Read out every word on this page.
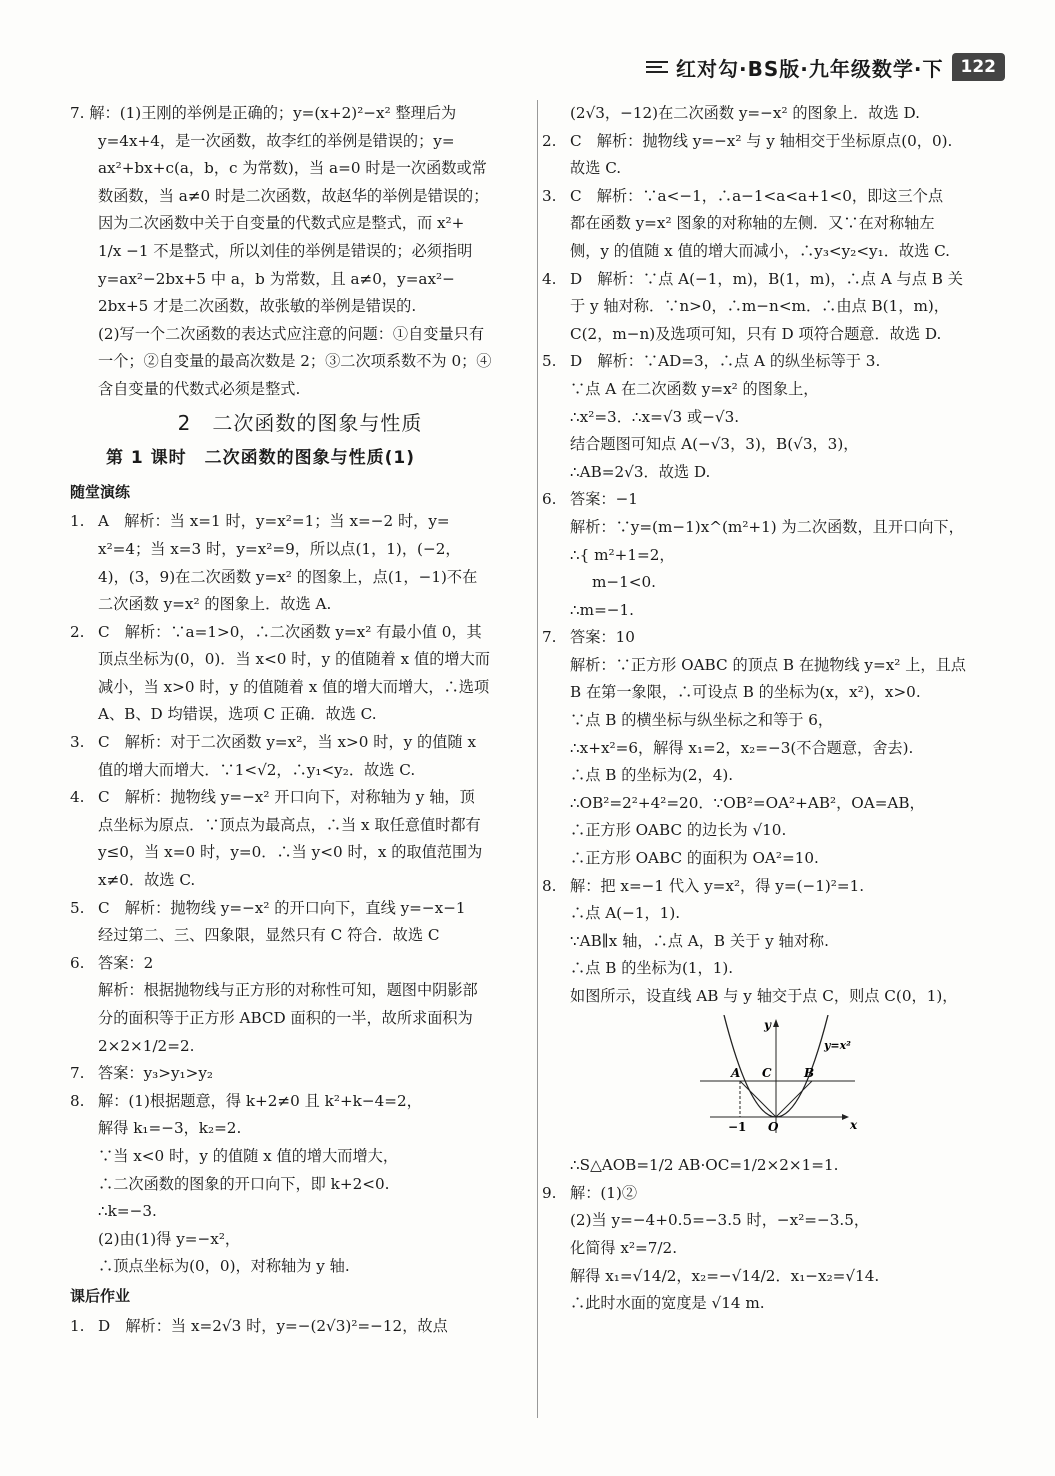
红对勾·BS版·九年级数学·下	122

7. 解：(1)王刚的举例是正确的；y=(x+2)²−x² 整理后为

y=4x+4，是一次函数，故李红的举例是错误的；y=

ax²+bx+c(a，b，c 为常数)，当 a=0 时是一次函数或常

数函数，当 a≠0 时是二次函数，故赵华的举例是错误的；

因为二次函数中关于自变量的代数式应是整式，而 x²+

1/x −1 不是整式，所以刘佳的举例是错误的；必须指明

y=ax²−2bx+5 中 a，b 为常数，且 a≠0，y=ax²−

2bx+5 才是二次函数，故张敏的举例是错误的.

(2)写一个二次函数的表达式应注意的问题：①自变量只有

一个；②自变量的最高次数是 2；③二次项系数不为 0；④

含自变量的代数式必须是整式.

2　二次函数的图象与性质
第 1 课时　二次函数的图象与性质(1)
随堂演练
1. A　解析：当 x=1 时，y=x²=1；当 x=−2 时，y=

x²=4；当 x=3 时，y=x²=9，所以点(1，1)，(−2，

4)，(3，9)在二次函数 y=x² 的图象上，点(1，−1)不在

二次函数 y=x² 的图象上．故选 A.

2. C　解析：∵a=1>0，∴二次函数 y=x² 有最小值 0，其

顶点坐标为(0，0)．当 x<0 时，y 的值随着 x 值的增大而

减小，当 x>0 时，y 的值随着 x 值的增大而增大，∴选项

A、B、D 均错误，选项 C 正确．故选 C.

3. C　解析：对于二次函数 y=x²，当 x>0 时，y 的值随 x

值的增大而增大．∵1<√2，∴y₁<y₂．故选 C.

4. C　解析：抛物线 y=−x² 开口向下，对称轴为 y 轴，顶

点坐标为原点．∵顶点为最高点，∴当 x 取任意值时都有

y≤0，当 x=0 时，y=0．∴当 y<0 时，x 的取值范围为

x≠0．故选 C.

5. C　解析：抛物线 y=−x² 的开口向下，直线 y=−x−1

经过第二、三、四象限，显然只有 C 符合．故选 C

6. 答案：2

解析：根据抛物线与正方形的对称性可知，题图中阴影部

分的面积等于正方形 ABCD 面积的一半，故所求面积为

2×2×1/2=2.

7. 答案：y₃>y₁>y₂
8. 解：(1)根据题意，得 k+2≠0 且 k²+k−4=2，

解得 k₁=−3，k₂=2.

∵当 x<0 时，y 的值随 x 值的增大而增大，

∴二次函数的图象的开口向下，即 k+2<0.

∴k=−3.

(2)由(1)得 y=−x²，

∴顶点坐标为(0，0)，对称轴为 y 轴.

课后作业
1. D　解析：当 x=2√3 时，y=−(2√3)²=−12，故点

(2√3，−12)在二次函数 y=−x² 的图象上．故选 D.

2. C　解析：抛物线 y=−x² 与 y 轴相交于坐标原点(0，0).

故选 C.

3. C　解析：∵a<−1，∴a−1<a<a+1<0，即这三个点

都在函数 y=x² 图象的对称轴的左侧．又∵在对称轴左

侧，y 的值随 x 值的增大而减小，∴y₃<y₂<y₁．故选 C.

4. D　解析：∵点 A(−1，m)，B(1，m)，∴点 A 与点 B 关

于 y 轴对称．∵n>0，∴m−n<m．∴由点 B(1，m)，

C(2，m−n)及选项可知，只有 D 项符合题意．故选 D.

5. D　解析：∵AD=3，∴点 A 的纵坐标等于 3.

∵点 A 在二次函数 y=x² 的图象上，

∴x²=3．∴x=√3 或−√3.

结合题图可知点 A(−√3，3)，B(√3，3)，

∴AB=2√3．故选 D.

6. 答案：−1

解析：∵y=(m−1)x^(m²+1) 为二次函数，且开口向下，

∴{ m²+1=2，

m−1<0.

∴m=−1.

7. 答案：10

解析：∵正方形 OABC 的顶点 B 在抛物线 y=x² 上，且点

B 在第一象限，∴可设点 B 的坐标为(x，x²)，x>0.

∵点 B 的横坐标与纵坐标之和等于 6，

∴x+x²=6，解得 x₁=2，x₂=−3(不合题意，舍去).

∴点 B 的坐标为(2，4).

∴OB²=2²+4²=20．∵OB²=OA²+AB²，OA=AB，

∴正方形 OABC 的边长为 √10.

∴正方形 OABC 的面积为 OA²=10.

8. 解：把 x=−1 代入 y=x²，得 y=(−1)²=1.

∴点 A(−1，1).

∵AB∥x 轴，∴点 A，B 关于 y 轴对称.

∴点 B 的坐标为(1，1).

如图所示，设直线 AB 与 y 轴交于点 C，则点 C(0，1)，

A C	B
O
−1
y
x
y=x²

∴S△AOB=1/2 AB·OC=1/2×2×1=1.

9. 解：(1)②

(2)当 y=−4+0.5=−3.5 时，−x²=−3.5，

化简得 x²=7/2.

解得 x₁=√14/2，x₂=−√14/2．x₁−x₂=√14.

∴此时水面的宽度是 √14 m.
